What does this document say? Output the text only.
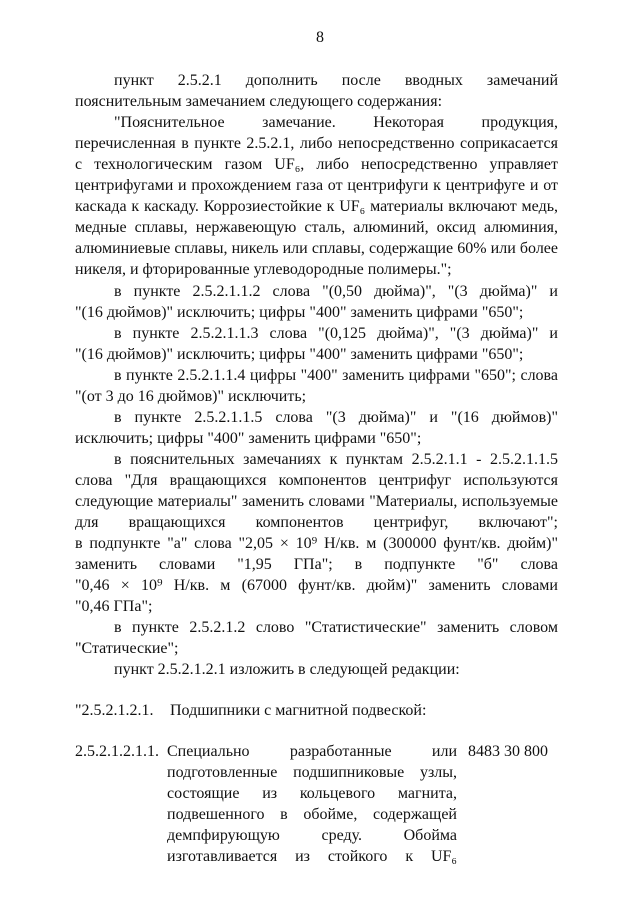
8
пункт 2.5.2.1 дополнить после вводных замечаний
пояснительным замечанием следующего содержания:
"Пояснительное замечание. Некоторая продукция,
перечисленная в пункте 2.5.2.1, либо непосредственно соприкасается
с технологическим газом UF₆, либо непосредственно управляет
центрифугами и прохождением газа от центрифуги к центрифуге и от
каскада к каскаду. Коррозиестойкие к UF₆ материалы включают медь,
медные сплавы, нержавеющую сталь, алюминий, оксид алюминия,
алюминиевые сплавы, никель или сплавы, содержащие 60% или более
никеля, и фторированные углеводородные полимеры.";
в пункте 2.5.2.1.1.2 слова "(0,50 дюйма)", "(3 дюйма)" и
"(16 дюймов)" исключить; цифры "400" заменить цифрами "650";
в пункте 2.5.2.1.1.3 слова "(0,125 дюйма)", "(3 дюйма)" и
"(16 дюймов)" исключить; цифры "400" заменить цифрами "650";
в пункте 2.5.2.1.1.4 цифры "400" заменить цифрами "650"; слова
"(от 3 до 16 дюймов)" исключить;
в пункте 2.5.2.1.1.5 слова "(3 дюйма)" и "(16 дюймов)"
исключить; цифры "400" заменить цифрами "650";
в пояснительных замечаниях к пунктам 2.5.2.1.1 - 2.5.2.1.1.5
слова "Для вращающихся компонентов центрифуг используются
следующие материалы" заменить словами "Материалы, используемые
для вращающихся компонентов центрифуг, включают";
в подпункте "а" слова "2,05 × 10⁹ Н/кв. м (300000 фунт/кв. дюйм)"
заменить словами "1,95 ГПа"; в подпункте "б" слова
"0,46 × 10⁹ Н/кв. м (67000 фунт/кв. дюйм)" заменить словами
"0,46 ГПа";
в пункте 2.5.2.1.2 слово "Статистические" заменить словом
"Статические";
пункт 2.5.2.1.2.1 изложить в следующей редакции:
"2.5.2.1.2.1. Подшипники с магнитной подвеской:
2.5.2.1.2.1.1. Специально разработанные или 8483 30 800
подготовленные подшипниковые узлы,
состоящие из кольцевого магнита,
подвешенного в обойме, содержащей
демпфирующую среду. Обойма
изготавливается из стойкого к UF₆
